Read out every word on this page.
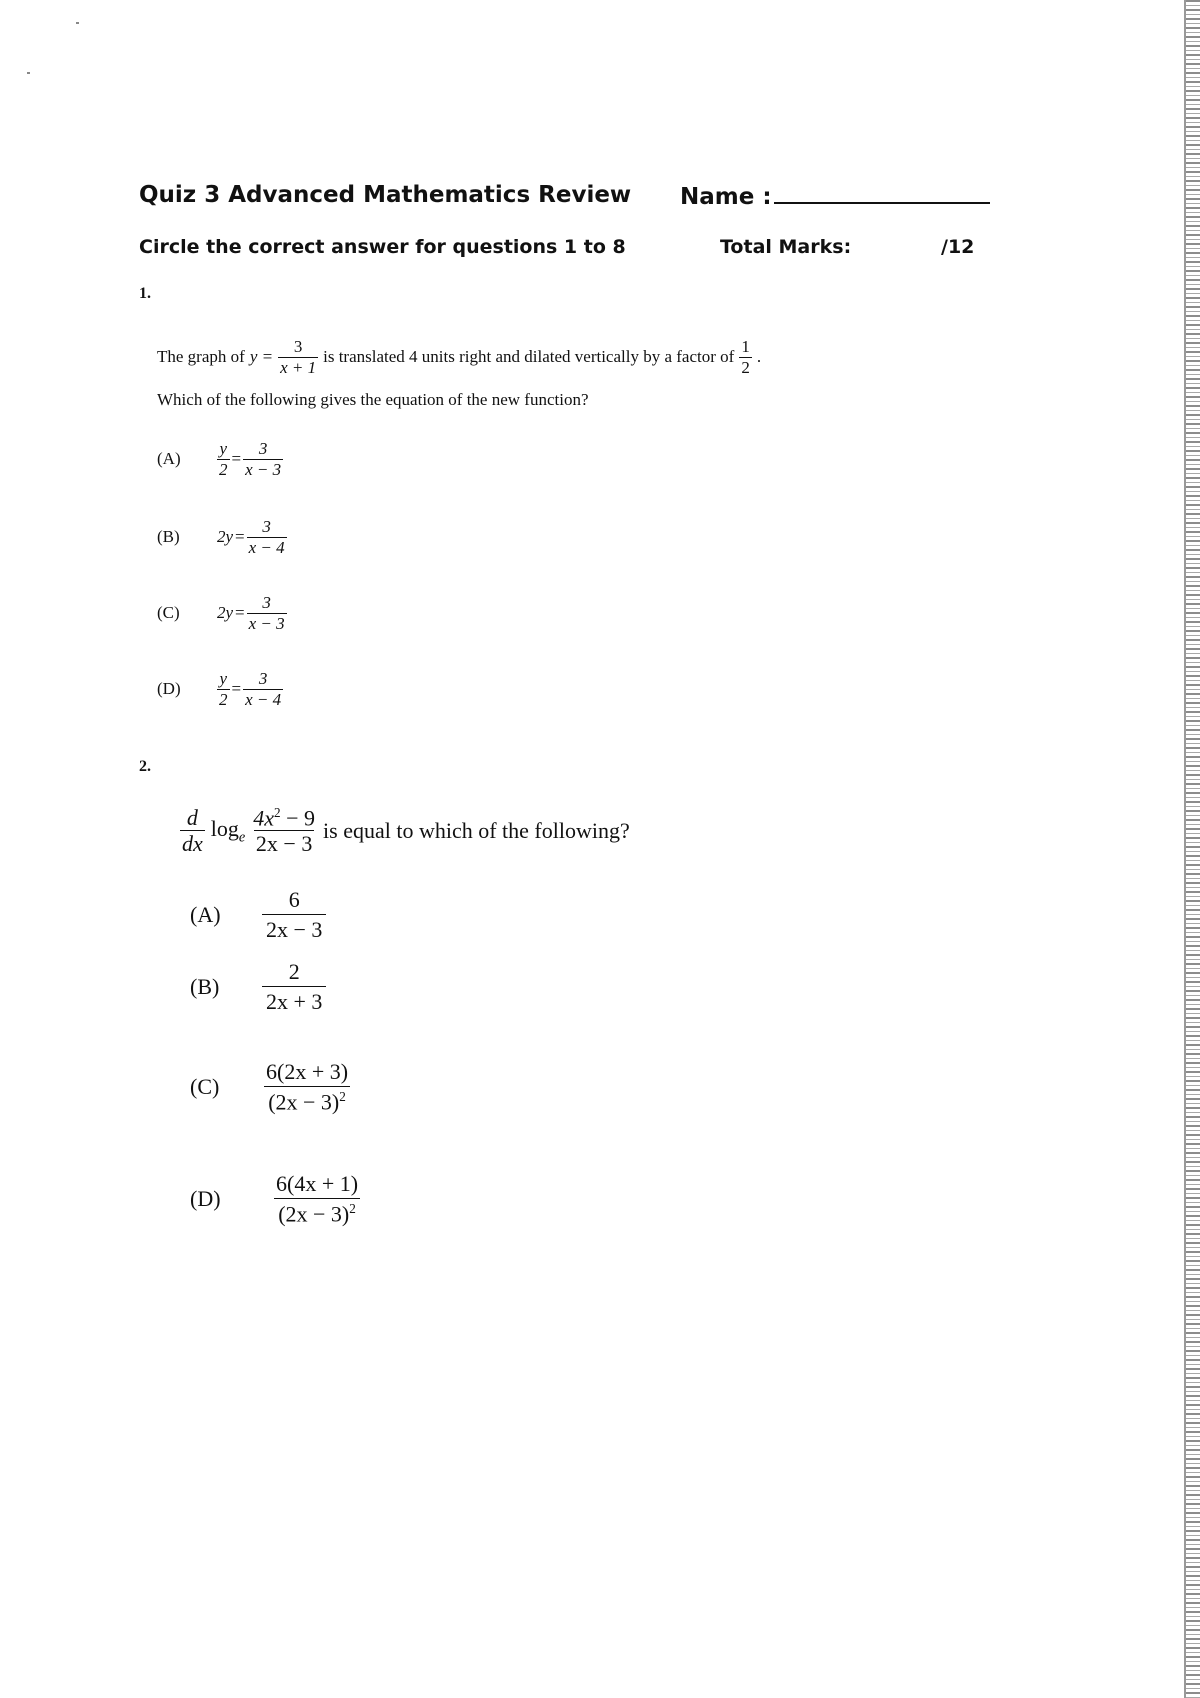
Quiz 3 Advanced Mathematics Review Name :
Circle the correct answer for questions 1 to 8	Total Marks:	/12
1.
The graph of $y = \frac{3}{x + 1}$ is translated 4 units right and dilated vertically by a factor of $\frac{1}{2}$ .
Which of the following gives the equation of the new function?
(A)	$\frac{y}{2} = \frac{3}{x - 3}$
(B)	$2y = \frac{3}{x - 4}$
(C)	$2y = \frac{3}{x - 3}$
(D)	$\frac{y}{2} = \frac{3}{x - 4}$
2.
$\frac{d}{dx} \log_e \frac{4x^2 - 9}{2x - 3}$ is equal to which of the following?
(A)	$\frac{6}{2x - 3}$
(B)	$\frac{2}{2x + 3}$
(C)	$\frac{6(2x + 3)}{(2x - 3)^2}$
(D)	$\frac{6(4x + 1)}{(2x - 3)^2}$
